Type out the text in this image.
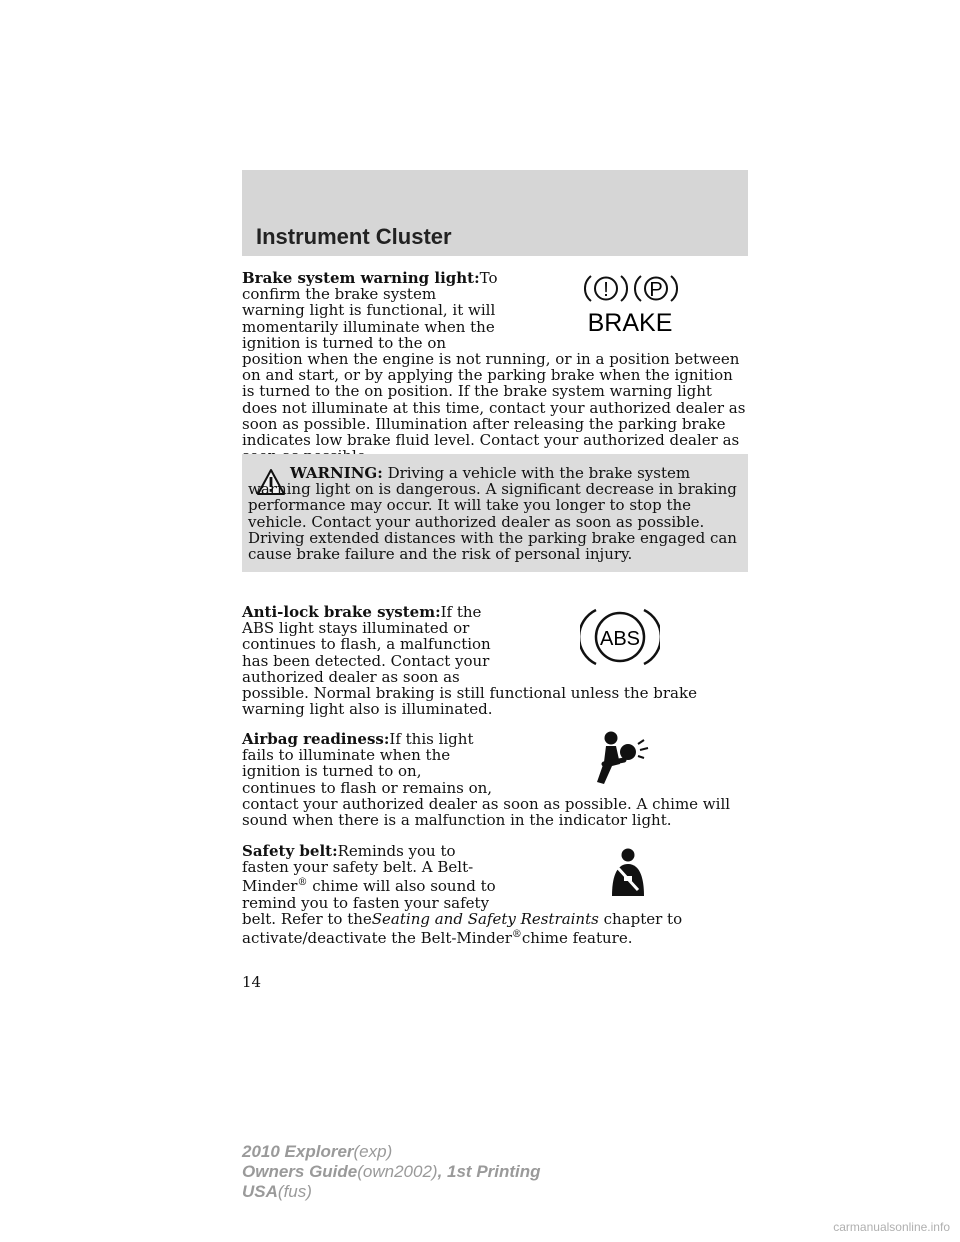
Instrument Cluster
! P
BRAKE

Brake system warning light:To confirm the brake system warning light is functional, it will momentarily illuminate when the ignition is turned to the on position when the engine is not running, or in a position between on and start, or by applying the parking brake when the ignition is turned to the on position. If the brake system warning light does not illuminate at this time, contact your authorized dealer as soon as possible. Illumination after releasing the parking brake indicates low brake fluid level. Contact your authorized dealer as

WARNING: Driving a vehicle with the brake system warning light on is dangerous. A significant decrease in braking performance may occur. It will take you longer to stop the vehicle. Contact your authorized dealer as soon as possible. Driving extended distances with the parking brake engaged can cause brake failure and the risk of personal injury.
ABS

Anti-lock brake system:If the ABS light stays illuminated or continues to flash, a malfunction has been detected. Contact your authorized dealer as soon as possible. Normal braking is still functional unless the brake warning light also is illuminated.

Airbag readiness:If this light fails to illuminate when the ignition is turned to on, continues to flash or remains on, contact your authorized dealer as soon as possible. A chime will sound when there is a malfunction in the indicator light.

Safety belt:Reminds you to fasten your safety belt. A Belt-Minder® chime will also sound to remind you to fasten your safety belt. Refer to theSeating and Safety Restraints chapter to activate/deactivate the Belt-Minder®chime feature.

14
2010 Explorer(exp)
Owners Guide(own2002), 1st Printing
USA(fus)
carmanualsonline.info
